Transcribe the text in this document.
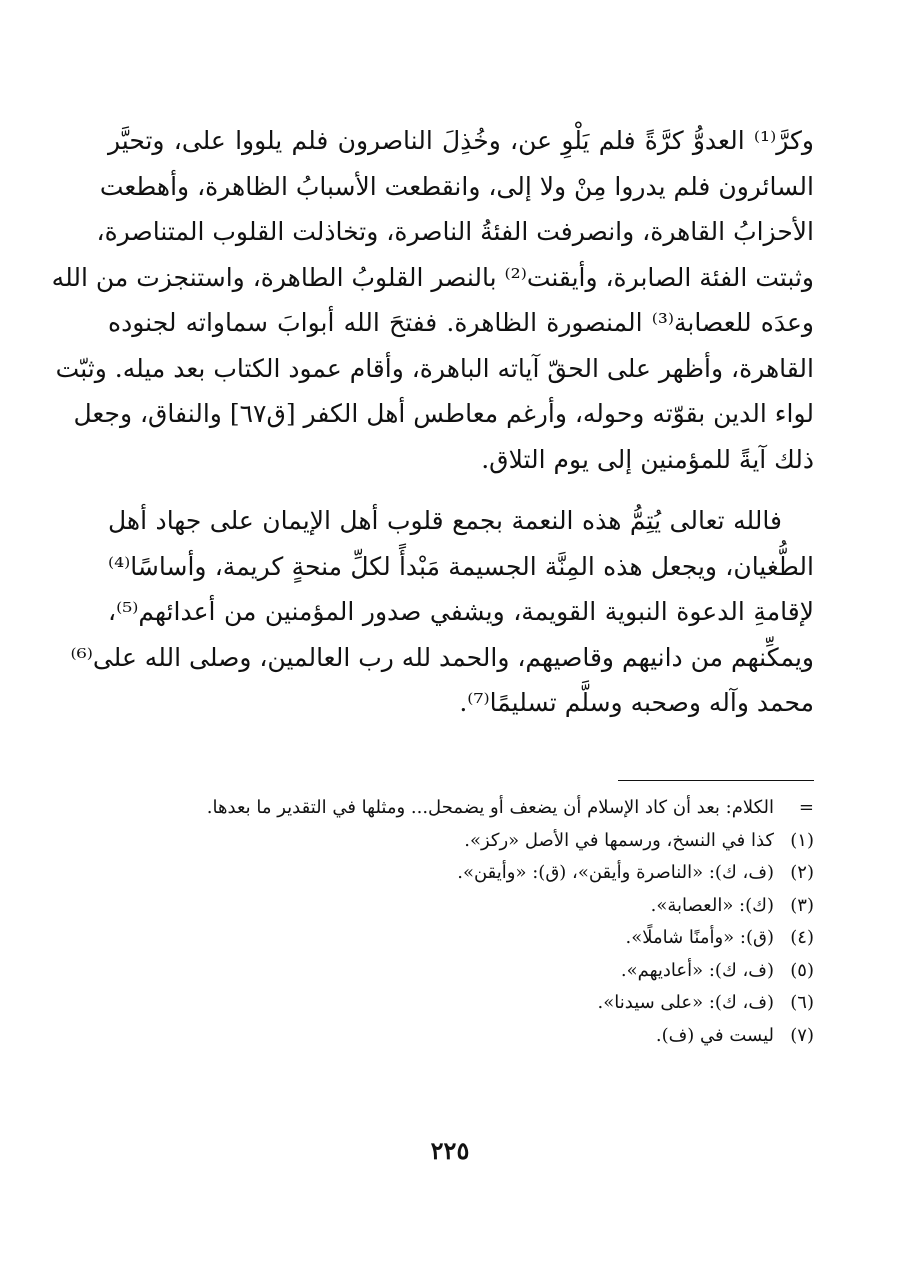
وكرَّ⁽¹⁾ العدوُّ كرَّةً فلم يَلْوِ عن، وخُذِلَ الناصرون فلم يلووا على، وتحيَّر
السائرون فلم يدروا مِنْ ولا إلى، وانقطعت الأسبابُ الظاهرة، وأهطعت
الأحزابُ القاهرة، وانصرفت الفئةُ الناصرة، وتخاذلت القلوب المتناصرة،
وثبتت الفئة الصابرة، وأيقنت⁽²⁾ بالنصر القلوبُ الطاهرة، واستنجزت من الله
وعدَه للعصابة⁽³⁾ المنصورة الظاهرة. ففتحَ الله أبوابَ سماواته لجنوده
القاهرة، وأظهر على الحقّ آياته الباهرة، وأقام عمود الكتاب بعد ميله. وثبّت
لواء الدين بقوّته وحوله، وأرغم معاطس أهل الكفر [ق٦٧] والنفاق، وجعل
ذلك آيةً للمؤمنين إلى يوم التلاق.
فالله تعالى يُتِمُّ هذه النعمة بجمع قلوب أهل الإيمان على جهاد أهل
الطُّغيان، ويجعل هذه المِنَّة الجسيمة مَبْدأً لكلِّ منحةٍ كريمة، وأساسًا⁽⁴⁾
لإقامةِ الدعوة النبوية القويمة، ويشفي صدور المؤمنين من أعدائهم⁽⁵⁾،
ويمكِّنهم من دانيهم وقاصيهم، والحمد لله رب العالمين، وصلى الله على⁽⁶⁾
محمد وآله وصحبه وسلَّم تسليمًا⁽⁷⁾.
=الكلام: بعد أن كاد الإسلام أن يضعف أو يضمحل... ومثلها في التقدير ما بعدها.
(١)كذا في النسخ، ورسمها في الأصل «ركز».
(٢)(ف، ك): «الناصرة وأيقن»، (ق): «وأيقن».
(٣)(ك): «العصابة».
(٤)(ق): «وأمنًا شاملًا».
(٥)(ف، ك): «أعاديهم».
(٦)(ف، ك): «على سيدنا».
(٧)ليست في (ف).
٢٢٥
